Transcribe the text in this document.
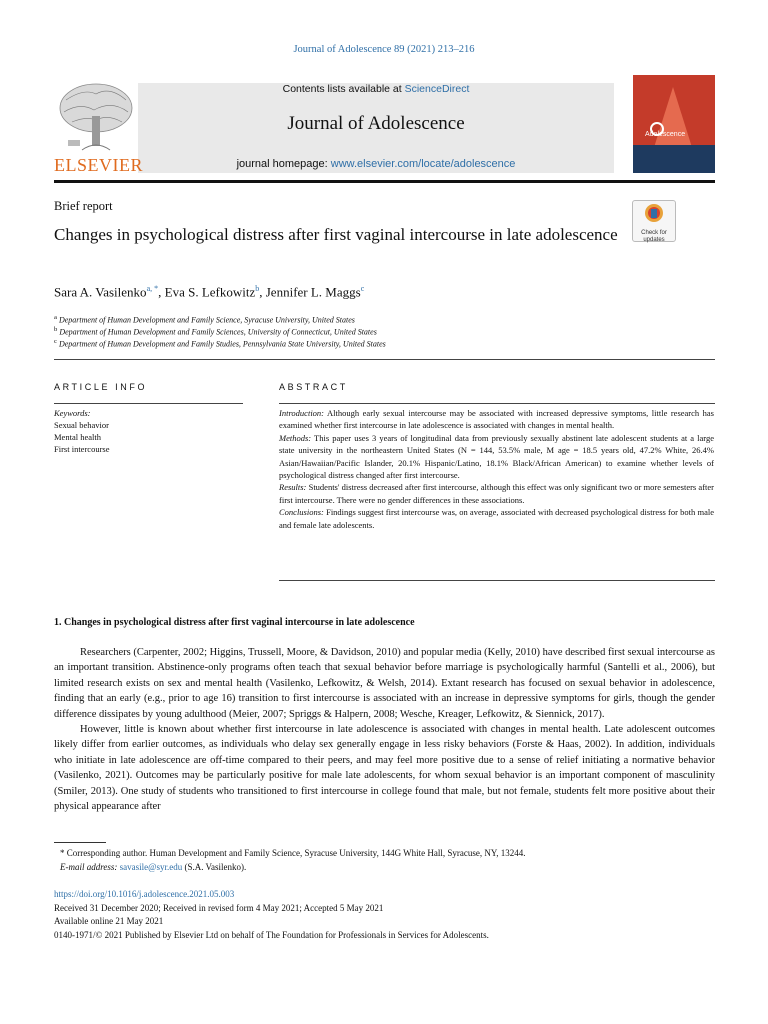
Journal of Adolescence 89 (2021) 213–216
Contents lists available at ScienceDirect
Journal of Adolescence
journal homepage: www.elsevier.com/locate/adolescence
ELSEVIER
Adolescence
Brief report
Check for updates
Changes in psychological distress after first vaginal intercourse in late adolescence
Sara A. Vasilenko$^{a, *}$, Eva S. Lefkowitz$^b$, Jennifer L. Maggs$^c$
$^a$ Department of Human Development and Family Science, Syracuse University, United States
$^b$ Department of Human Development and Family Sciences, University of Connecticut, United States
$^c$ Department of Human Development and Family Studies, Pennsylvania State University, United States
ARTICLE INFO
Keywords:
Sexual behavior
Mental health
First intercourse
ABSTRACT

Introduction: Although early sexual intercourse may be associated with increased depressive symptoms, little research has examined whether first intercourse in late adolescence is associated with changes in mental health.

Methods: This paper uses 3 years of longitudinal data from previously sexually abstinent late adolescent students at a large state university in the northeastern United States (N = 144, 53.5% male, M age = 18.5 years old, 47.2% White, 26.4% Asian/Hawaiian/Pacific Islander, 20.1% Hispanic/Latino, 18.1% Black/African American) to examine whether levels of psychological distress changed after first intercourse.

Results: Students' distress decreased after first intercourse, although this effect was only significant two or more semesters after first intercourse. There were no gender differences in these associations.

Conclusions: Findings suggest first intercourse was, on average, associated with decreased psychological distress for both male and female late adolescents.

1. Changes in psychological distress after first vaginal intercourse in late adolescence

Researchers (Carpenter, 2002; Higgins, Trussell, Moore, & Davidson, 2010) and popular media (Kelly, 2010) have described first sexual intercourse as an important transition. Abstinence-only programs often teach that sexual behavior before marriage is psychologically harmful (Santelli et al., 2006), but limited research exists on sex and mental health (Vasilenko, Lefkowitz, & Welsh, 2014). Extant research has focused on sexual behavior in adolescence, finding that an early (e.g., prior to age 16) transition to first intercourse is associated with an increase in depressive symptoms for girls, though the gender difference dissipates by young adulthood (Meier, 2007; Spriggs & Halpern, 2008; Wesche, Kreager, Lefkowitz, & Siennick, 2017).

However, little is known about whether first intercourse in late adolescence is associated with changes in mental health. Late adolescent outcomes likely differ from earlier outcomes, as individuals who delay sex generally engage in less risky behaviors (Forste & Haas, 2002). In addition, individuals who initiate in late adolescence are off-time compared to their peers, and may feel more positive due to a sense of relief initiating a normative behavior (Vasilenko, 2021). Outcomes may be particularly positive for male late adolescents, for whom sexual behavior is an important component of masculinity (Smiler, 2013). One study of students who transitioned to first intercourse in college found that male, but not female, students felt more positive about their physical appearance after

* Corresponding author. Human Development and Family Science, Syracuse University, 144G White Hall, Syracuse, NY, 13244.
E-mail address: savasile@syr.edu (S.A. Vasilenko).
https://doi.org/10.1016/j.adolescence.2021.05.003
Received 31 December 2020; Received in revised form 4 May 2021; Accepted 5 May 2021
Available online 21 May 2021
0140-1971/© 2021 Published by Elsevier Ltd on behalf of The Foundation for Professionals in Services for Adolescents.
